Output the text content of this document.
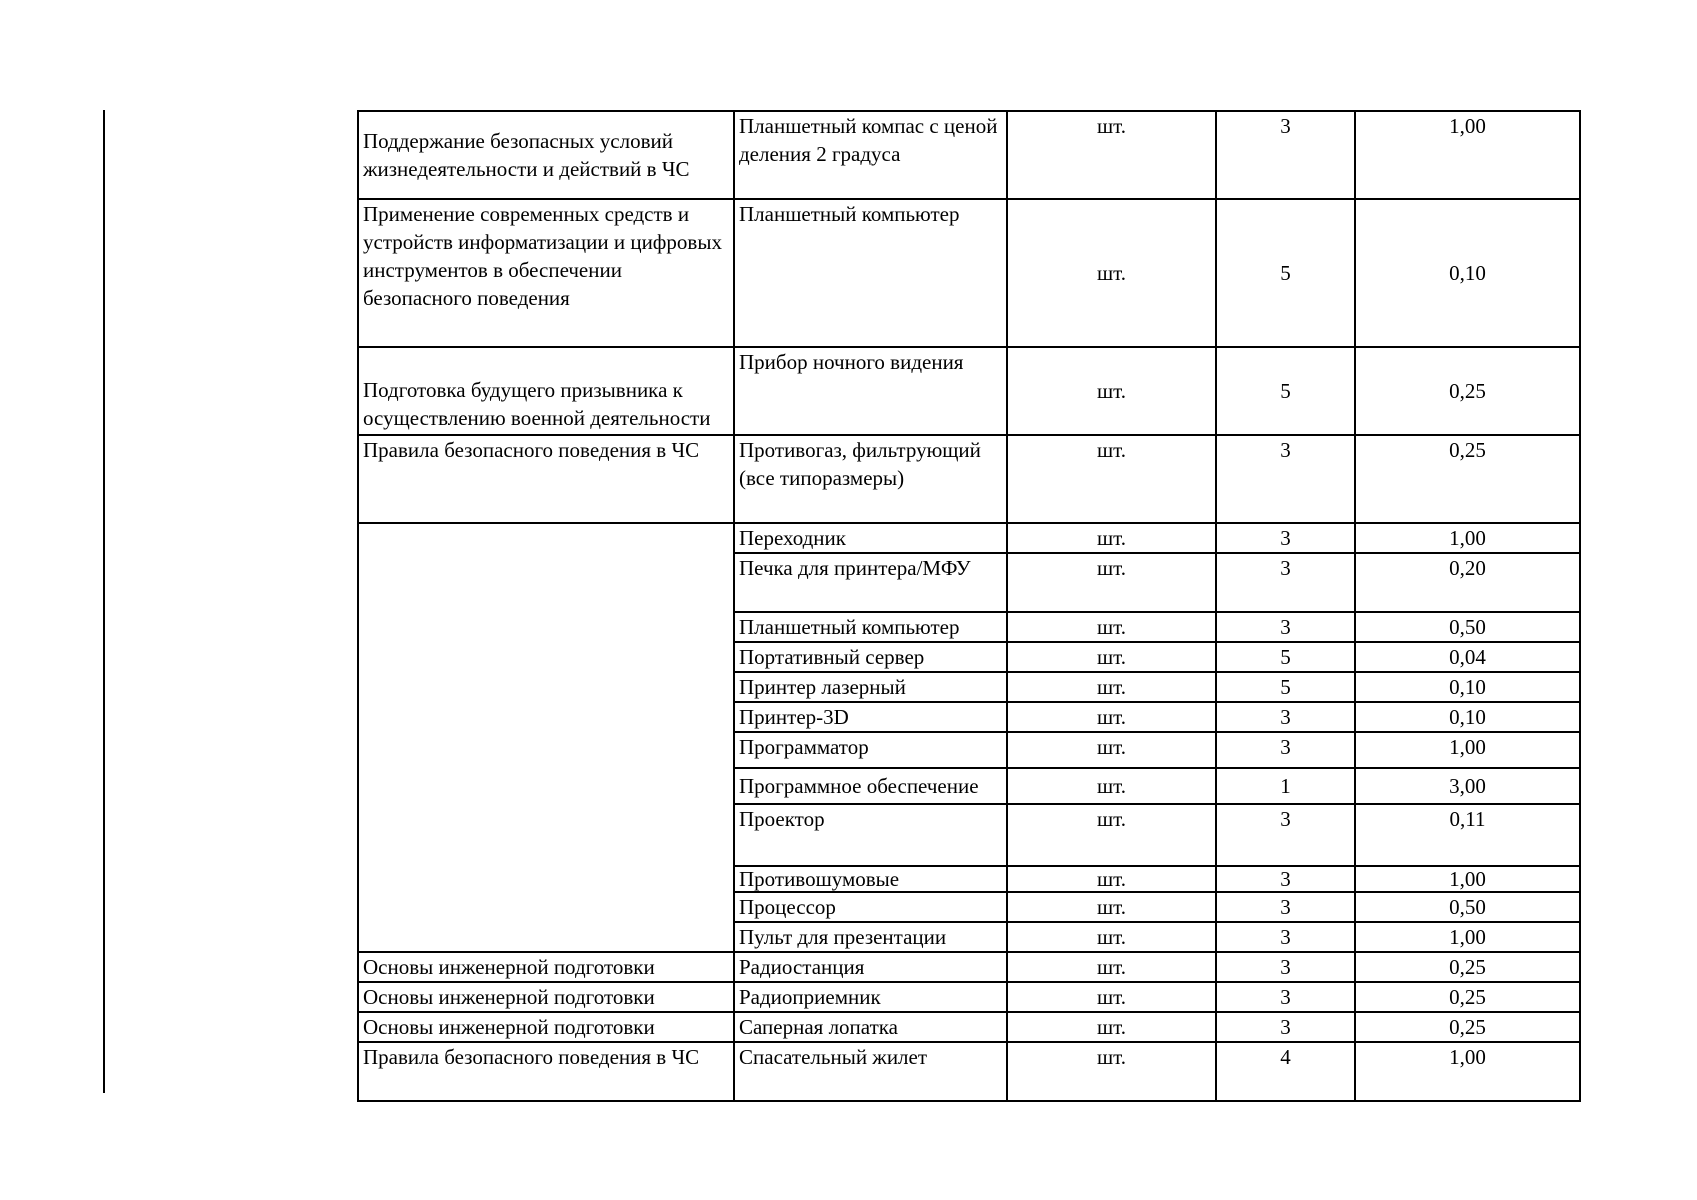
Поддержание безопасных условий жизнедеятельности и действий в ЧС	Планшетный компас с ценой деления 2 градуса	шт.	3	1,00
Применение современных средств и устройств информатизации и цифровых инструментов в обеспечении безопасного поведения	Планшетный компьютер	шт.	5	0,10
Подготовка будущего призывника к осуществлению военной деятельности	Прибор ночного видения	шт.	5	0,25
Правила безопасного поведения в ЧС	Противогаз, фильтрующий (все типоразмеры)	шт.	3	0,25
	Переходник	шт.	3	1,00
	Печка для принтера/МФУ	шт.	3	0,20
	Планшетный компьютер	шт.	3	0,50
	Портативный сервер	шт.	5	0,04
	Принтер лазерный	шт.	5	0,10
	Принтер-3D	шт.	3	0,10
	Программатор	шт.	3	1,00
	Программное обеспечение	шт.	1	3,00
	Проектор	шт.	3	0,11
	Противошумовые	шт.	3	1,00
	Процессор	шт.	3	0,50
	Пульт для презентации	шт.	3	1,00
Основы инженерной подготовки	Радиостанция	шт.	3	0,25
Основы инженерной подготовки	Радиоприемник	шт.	3	0,25
Основы инженерной подготовки	Саперная лопатка	шт.	3	0,25
Правила безопасного поведения в ЧС	Спасательный жилет	шт.	4	1,00
